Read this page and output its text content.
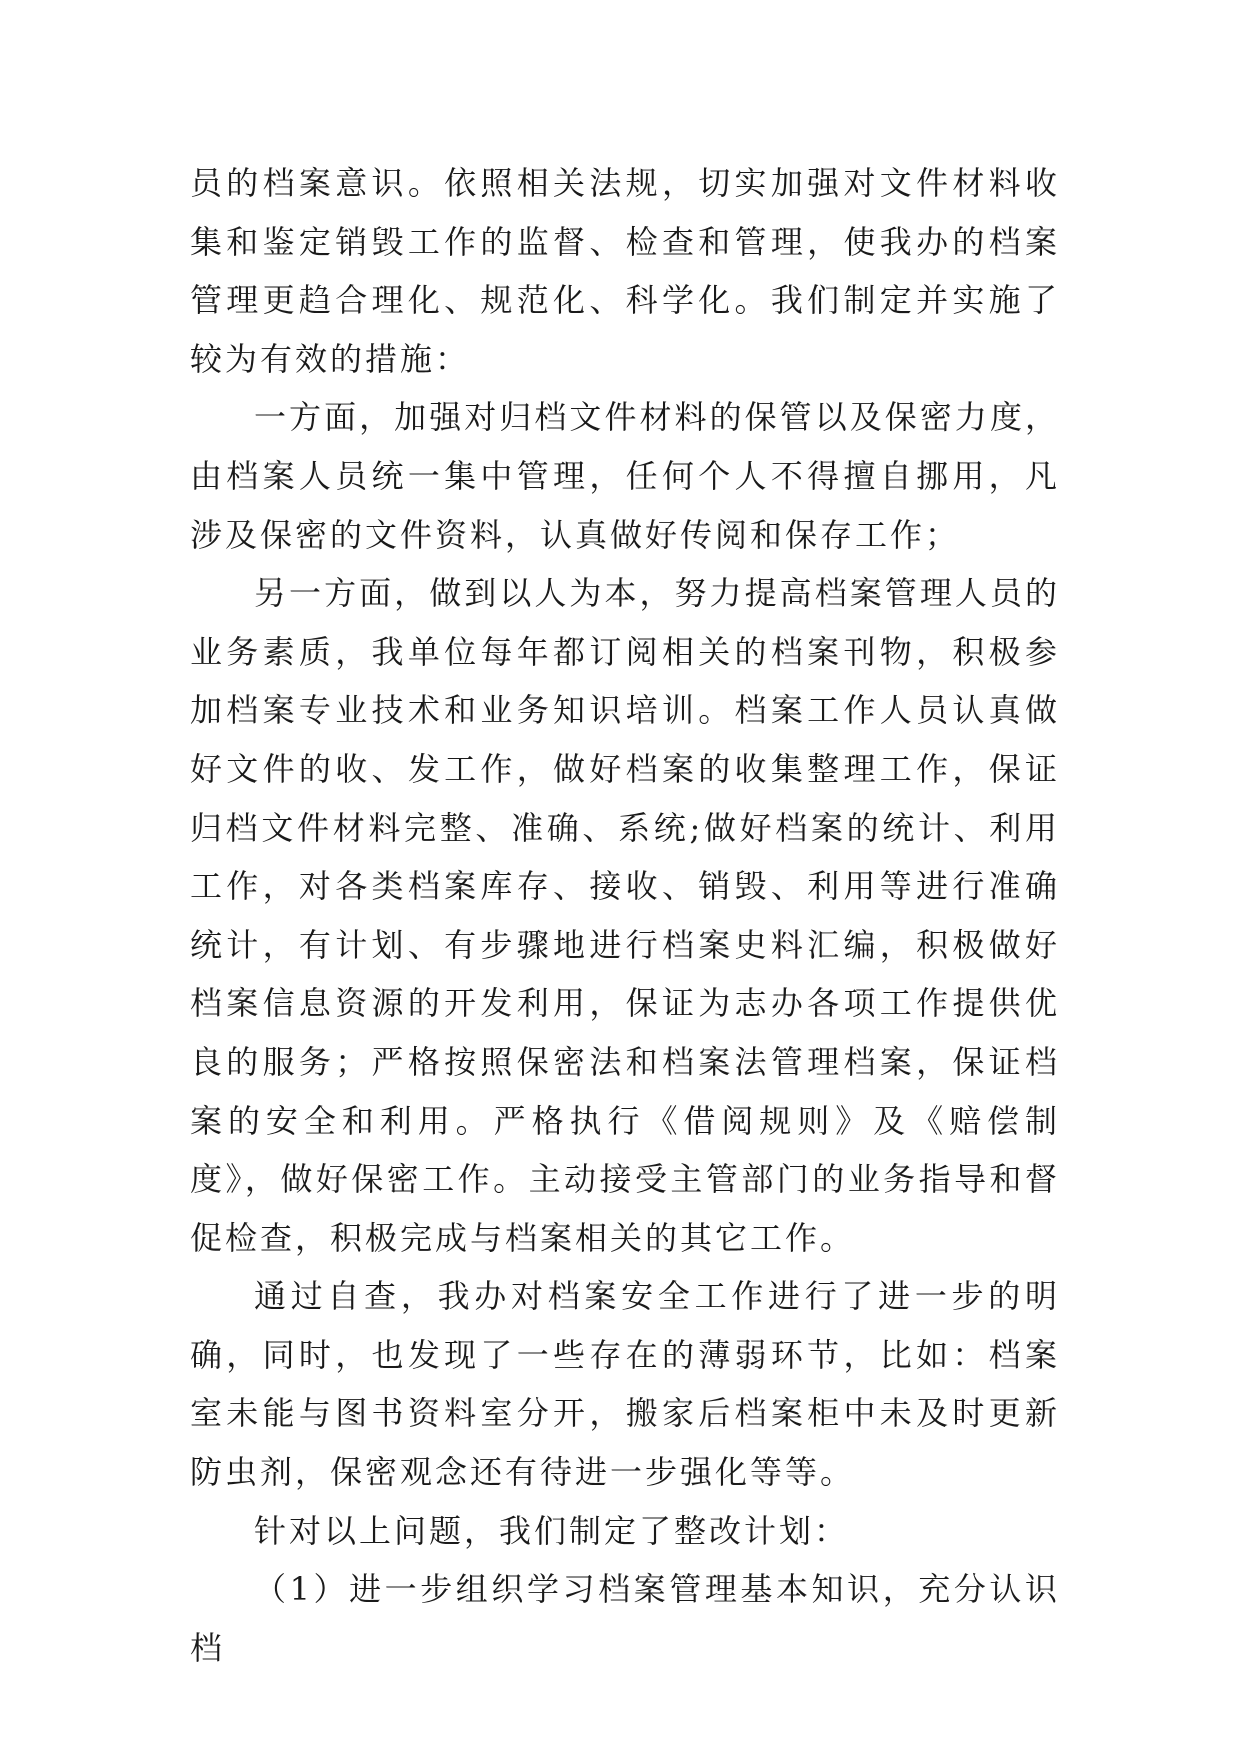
员的档案意识。依照相关法规，切实加强对文件材料收集和鉴定销毁工作的监督、检查和管理，使我办的档案管理更趋合理化、规范化、科学化。我们制定并实施了较为有效的措施：

一方面，加强对归档文件材料的保管以及保密力度，由档案人员统一集中管理，任何个人不得擅自挪用，凡涉及保密的文件资料，认真做好传阅和保存工作；

另一方面，做到以人为本，努力提高档案管理人员的业务素质，我单位每年都订阅相关的档案刊物，积极参加档案专业技术和业务知识培训。档案工作人员认真做好文件的收、发工作，做好档案的收集整理工作，保证归档文件材料完整、准确、系统;做好档案的统计、利用工作，对各类档案库存、接收、销毁、利用等进行准确统计，有计划、有步骤地进行档案史料汇编，积极做好档案信息资源的开发利用，保证为志办各项工作提供优良的服务；严格按照保密法和档案法管理档案，保证档案的安全和利用。严格执行《借阅规则》及《赔偿制度》，做好保密工作。主动接受主管部门的业务指导和督促检查，积极完成与档案相关的其它工作。

通过自查，我办对档案安全工作进行了进一步的明确，同时，也发现了一些存在的薄弱环节，比如：档案室未能与图书资料室分开，搬家后档案柜中未及时更新防虫剂，保密观念还有待进一步强化等等。

针对以上问题，我们制定了整改计划：

（1）进一步组织学习档案管理基本知识，充分认识档
